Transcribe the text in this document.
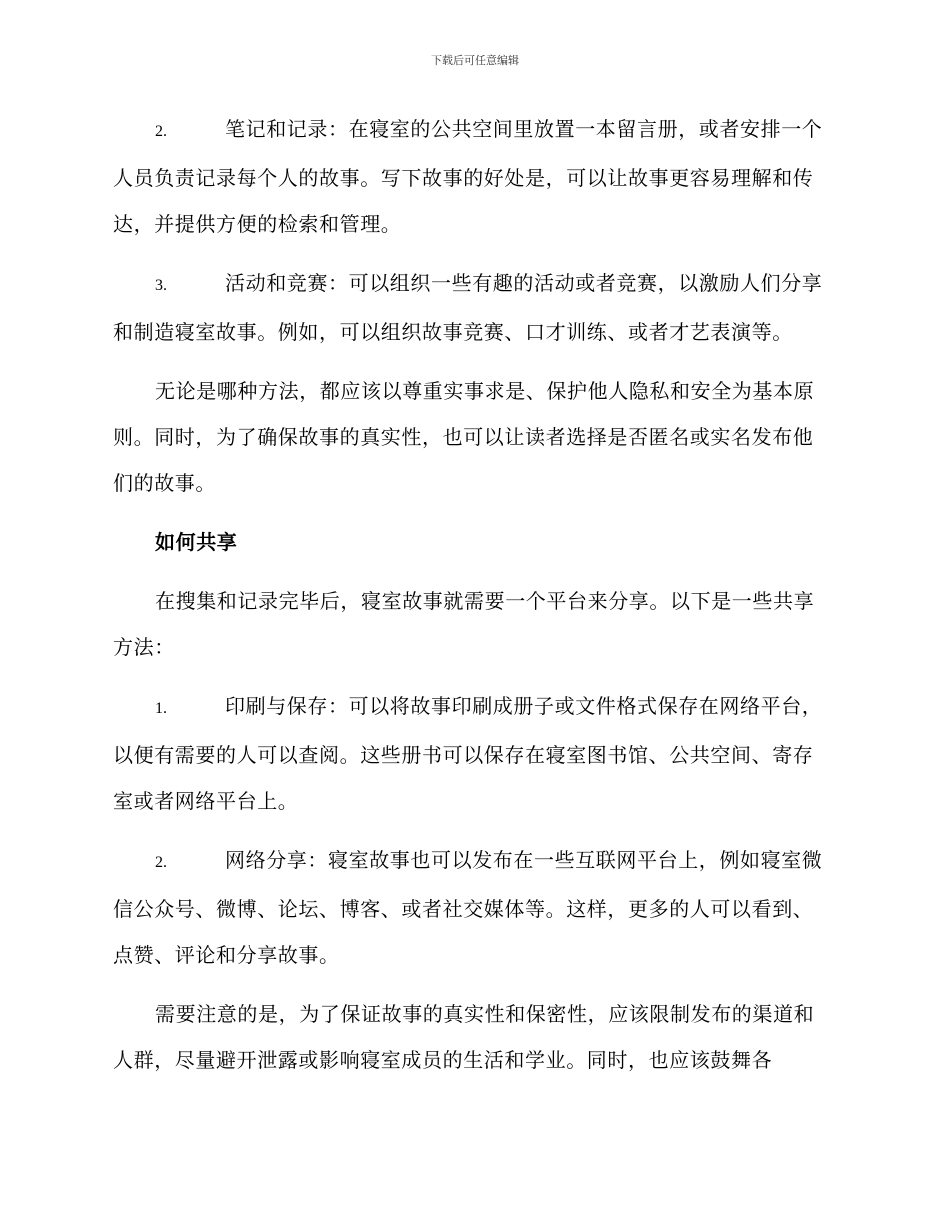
下载后可任意编辑

2.	笔记和记录：在寝室的公共空间里放置一本留言册，或者安排一个人员负责记录每个人的故事。写下故事的好处是，可以让故事更容易理解和传达，并提供方便的检索和管理。

3.	活动和竞赛：可以组织一些有趣的活动或者竞赛，以激励人们分享和制造寝室故事。例如，可以组织故事竞赛、口才训练、或者才艺表演等。

无论是哪种方法，都应该以尊重实事求是、保护他人隐私和安全为基本原则。同时，为了确保故事的真实性，也可以让读者选择是否匿名或实名发布他们的故事。

如何共享

在搜集和记录完毕后，寝室故事就需要一个平台来分享。以下是一些共享方法：

1.	印刷与保存：可以将故事印刷成册子或文件格式保存在网络平台，以便有需要的人可以查阅。这些册书可以保存在寝室图书馆、公共空间、寄存室或者网络平台上。

2.	网络分享：寝室故事也可以发布在一些互联网平台上，例如寝室微信公众号、微博、论坛、博客、或者社交媒体等。这样，更多的人可以看到、点赞、评论和分享故事。

需要注意的是，为了保证故事的真实性和保密性，应该限制发布的渠道和人群，尽量避开泄露或影响寝室成员的生活和学业。同时，也应该鼓舞各
